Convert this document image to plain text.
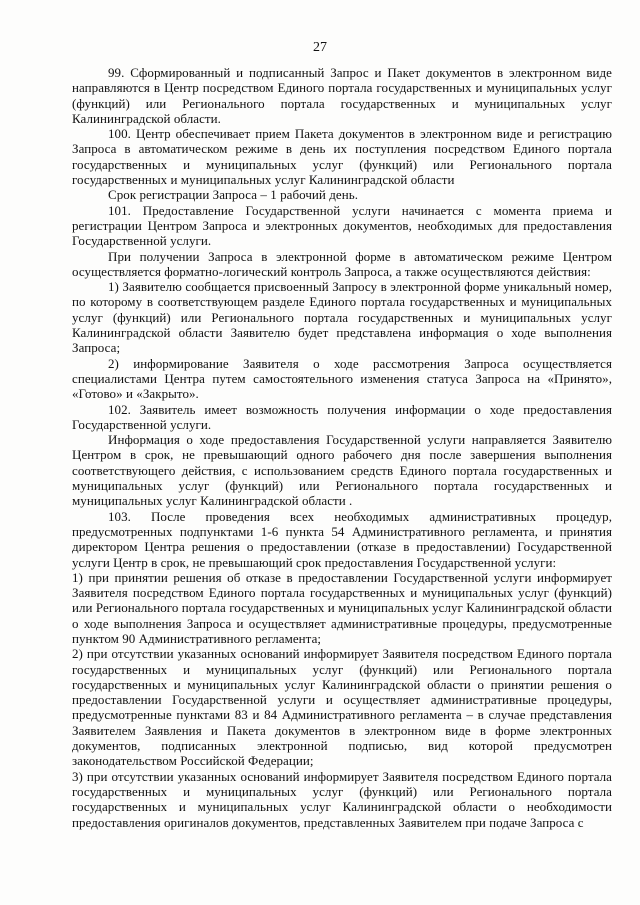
27

99. Сформированный и подписанный Запрос и Пакет документов в электронном виде направляются в Центр посредством Единого портала государственных и муниципальных услуг (функций) или Регионального портала государственных и муниципальных услуг Калининградской области.

100. Центр обеспечивает прием Пакета документов в электронном виде и регистрацию Запроса в автоматическом режиме в день их поступления посредством Единого портала государственных и муниципальных услуг (функций) или Регионального портала государственных и муниципальных услуг Калининградской области

Срок регистрации Запроса – 1 рабочий день.

101. Предоставление Государственной услуги начинается с момента приема и регистрации Центром Запроса и электронных документов, необходимых для предоставления Государственной услуги.

При получении Запроса в электронной форме в автоматическом режиме Центром осуществляется форматно-логический контроль Запроса, а также осуществляются действия:

1) Заявителю сообщается присвоенный Запросу в электронной форме уникальный номер, по которому в соответствующем разделе Единого портала государственных и муниципальных услуг (функций) или Регионального портала государственных и муниципальных услуг Калининградской области Заявителю будет представлена информация о ходе выполнения Запроса;

2) информирование Заявителя о ходе рассмотрения Запроса осуществляется специалистами Центра путем самостоятельного изменения статуса Запроса на «Принято», «Готово» и «Закрыто».

102. Заявитель имеет возможность получения информации о ходе предоставления Государственной услуги.

Информация о ходе предоставления Государственной услуги направляется Заявителю Центром в срок, не превышающий одного рабочего дня после завершения выполнения соответствующего действия, с использованием средств Единого портала государственных и муниципальных услуг (функций) или Регионального портала государственных и муниципальных услуг Калининградской области .

103. После проведения всех необходимых административных процедур, предусмотренных подпунктами 1-6 пункта 54 Административного регламента, и принятия директором Центра решения о предоставлении (отказе в предоставлении) Государственной услуги Центр в срок, не превышающий срок предоставления Государственной услуги:

1) при принятии решения об отказе в предоставлении Государственной услуги информирует Заявителя посредством Единого портала государственных и муниципальных услуг (функций) или Регионального портала государственных и муниципальных услуг Калининградской области о ходе выполнения Запроса и осуществляет административные процедуры, предусмотренные пунктом 90 Административного регламента;

2) при отсутствии указанных оснований информирует Заявителя посредством Единого портала государственных и муниципальных услуг (функций) или Регионального портала государственных и муниципальных услуг Калининградской области о принятии решения о предоставлении Государственной услуги и осуществляет административные процедуры, предусмотренные пунктами 83 и 84 Административного регламента – в случае представления Заявителем Заявления и Пакета документов в электронном виде в форме электронных документов, подписанных электронной подписью, вид которой предусмотрен законодательством Российской Федерации;

3) при отсутствии указанных оснований информирует Заявителя посредством Единого портала государственных и муниципальных услуг (функций) или Регионального портала государственных и муниципальных услуг Калининградской области о необходимости предоставления оригиналов документов, представленных Заявителем при подаче Запроса с
